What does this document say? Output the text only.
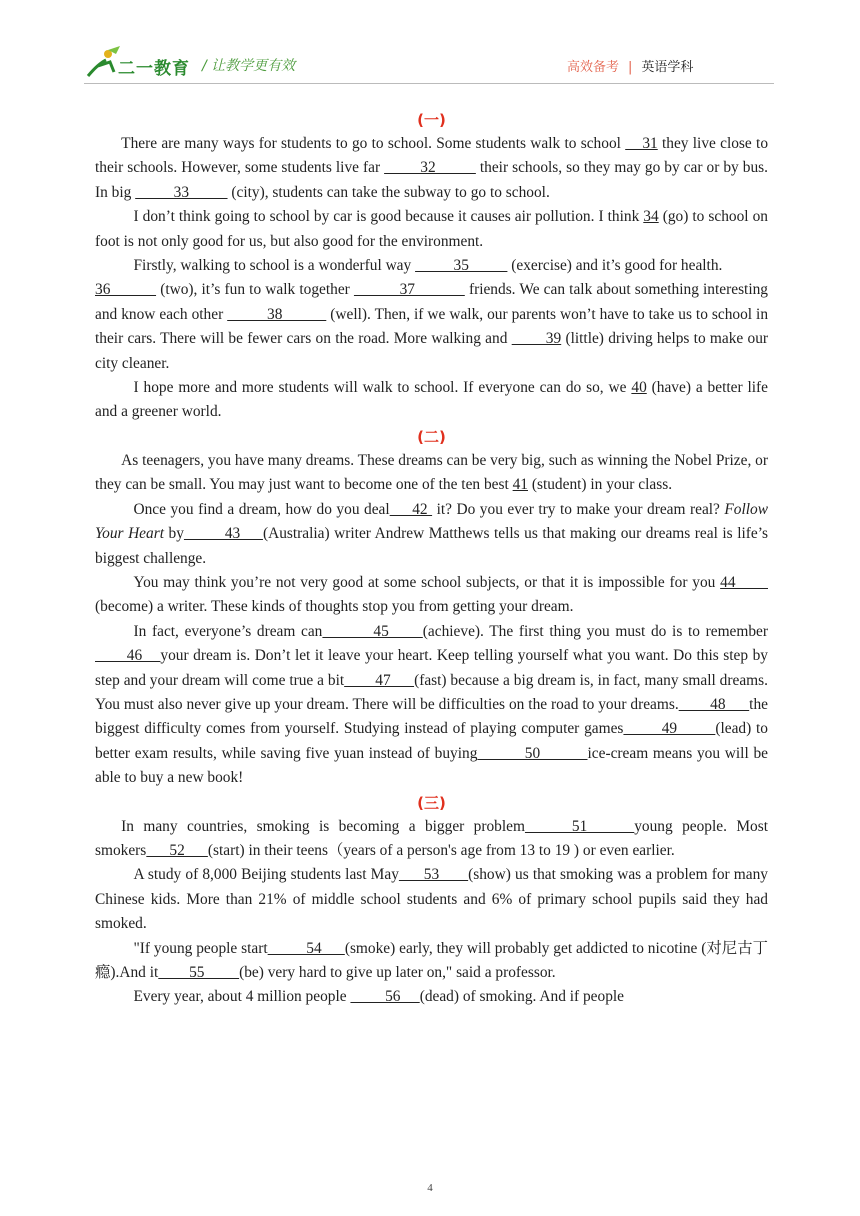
二一教育 / 让教学更有效	高效备考 | 英语学科
(一)

There are many ways for students to go to school. Some students walk to school     31 they live close to their schools. However, some students live far          32           their schools, so they may go by car or by bus. In big           33           (city), students can take the subway to go to school.

I don’t think going to school by car is good because it causes air pollution. I think 34 (go) to school on foot is not only good for us, but also good for the environment.

Firstly, walking to school is a wonderful way           35           (exercise) and it’s good for health.

36            (two), it’s fun to walk together            37             friends. We can talk about something interesting and know each other           38            (well). Then, if we walk, our parents won’t have to take us to school in their cars. There will be fewer cars on the road. More walking and         39 (little) driving helps to make our city cleaner.

I hope more and more students will walk to school. If everyone can do so, we 40 (have) a better life and a greener world.

(二)

As teenagers, you have many dreams. These dreams can be very big, such as winning the Nobel Prize, or they can be small. You may just want to become one of the ten best 41 (student) in your class.

Once you find a dream, how do you deal     42  it? Do you ever try to make your dream real? Follow Your Heart by         43     (Australia) writer Andrew Matthews tells us that making our dreams real is life’s biggest challenge.

You may think you’re not very good at some school subjects, or that it is impossible for you 44        (become) a writer. These kinds of thoughts stop you from getting your dream.

In fact, everyone’s dream can         45      (achieve). The first thing you must do is to remember        46    your dream is. Don’t let it leave your heart. Keep telling yourself what you want. Do this step by step and your dream will come true a bit        47      (fast) because a big dream is, in fact, many small dreams. You must also never give up your dream. There will be difficulties on the road to your dreams.        48      the biggest difficulty comes from yourself. Studying instead of playing computer games        49        (lead) to better exam results, while saving five yuan instead of buying          50          ice-cream means you will be able to buy a new book!

(三)

In many countries, smoking is becoming a bigger problem     51     young people. Most smokers      52      (start) in their teens（years of a person's age from 13 to 19 ) or even earlier.

A study of 8,000 Beijing students last May      53       (show) us that smoking was a problem for many Chinese kids. More than 21% of middle school students and 6% of primary school pupils said they had smoked.

"If young people start          54      (smoke) early, they will probably get addicted to nicotine (对尼古丁瘾).And it        55         (be) very hard to give up later on," said a professor.

Every year, about 4 million people          56     (dead) of smoking. And if people

4
